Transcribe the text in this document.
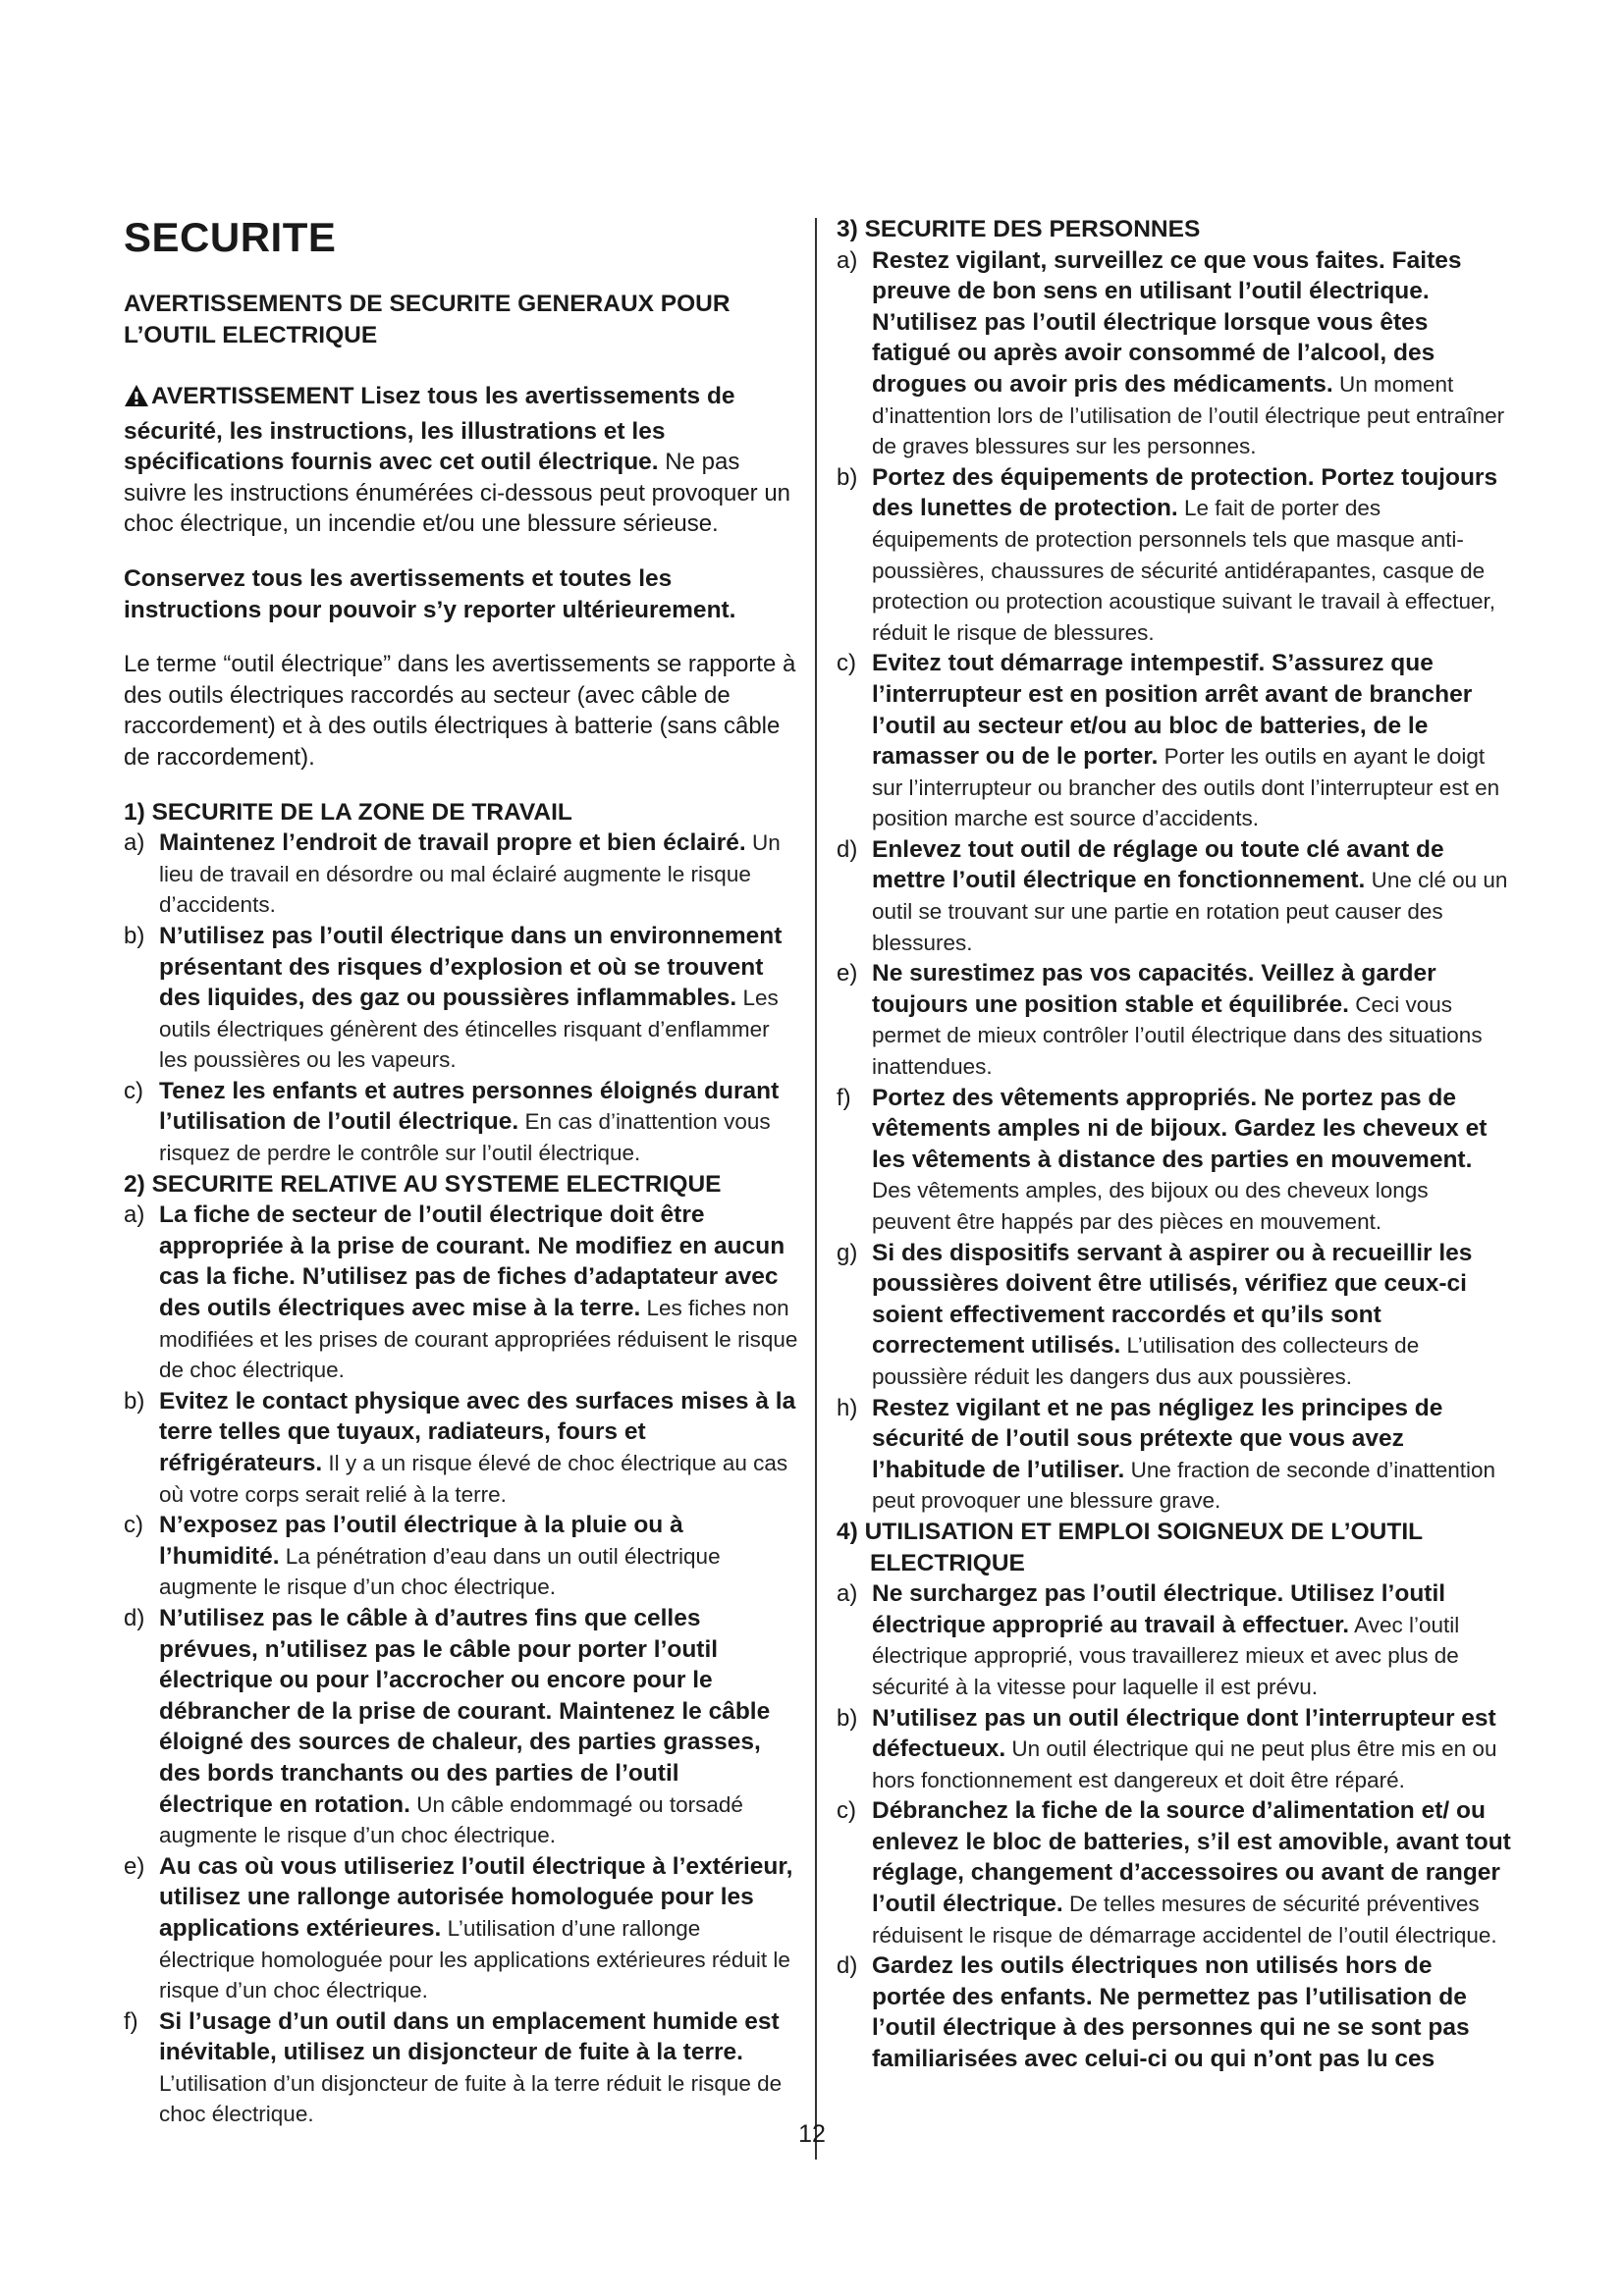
SECURITE
AVERTISSEMENTS DE SECURITE GENERAUX POUR L’OUTIL ELECTRIQUE
AVERTISSEMENT Lisez tous les avertissements de sécurité, les instructions, les illustrations et les spécifications fournis avec cet outil électrique. Ne pas suivre les instructions énumérées ci-dessous peut provoquer un choc électrique, un incendie et/ou une blessure sérieuse.
Conservez tous les avertissements et toutes les instructions pour pouvoir s’y reporter ultérieurement.
Le terme “outil électrique” dans les avertissements se rapporte à des outils électriques raccordés au secteur (avec câble de raccordement) et à des outils électriques à batterie (sans câble de raccordement).
1) SECURITE DE LA ZONE DE TRAVAIL
a) Maintenez l’endroit de travail propre et bien éclairé. Un lieu de travail en désordre ou mal éclairé augmente le risque d’accidents.
b) N’utilisez pas l’outil électrique dans un environnement présentant des risques d’explosion et où se trouvent des liquides, des gaz ou poussières inflammables. Les outils électriques génèrent des étincelles risquant d’enflammer les poussières ou les vapeurs.
c) Tenez les enfants et autres personnes éloignés durant l’utilisation de l’outil électrique. En cas d’inattention vous risquez de perdre le contrôle sur l’outil électrique.
2) SECURITE RELATIVE AU SYSTEME ELECTRIQUE
a) La fiche de secteur de l’outil électrique doit être appropriée à la prise de courant. Ne modifiez en aucun cas la fiche. N’utilisez pas de fiches d’adaptateur avec des outils électriques avec mise à la terre. Les fiches non modifiées et les prises de courant appropriées réduisent le risque de choc électrique.
b) Evitez le contact physique avec des surfaces mises à la terre telles que tuyaux, radiateurs, fours et réfrigérateurs. Il y a un risque élevé de choc électrique au cas où votre corps serait relié à la terre.
c) N’exposez pas l’outil électrique à la pluie ou à l’humidité. La pénétration d’eau dans un outil électrique augmente le risque d’un choc électrique.
d) N’utilisez pas le câble à d’autres fins que celles prévues, n’utilisez pas le câble pour porter l’outil électrique ou pour l’accrocher ou encore pour le débrancher de la prise de courant. Maintenez le câble éloigné des sources de chaleur, des parties grasses, des bords tranchants ou des parties de l’outil électrique en rotation. Un câble endommagé ou torsadé augmente le risque d’un choc électrique.
e) Au cas où vous utiliseriez l’outil électrique à l’extérieur, utilisez une rallonge autorisée homologuée pour les applications extérieures. L’utilisation d’une rallonge électrique homologuée pour les applications extérieures réduit le risque d’un choc électrique.
f) Si l’usage d’un outil dans un emplacement humide est inévitable, utilisez un disjoncteur de fuite à la terre. L’utilisation d’un disjoncteur de fuite à la terre réduit le risque de choc électrique.
3) SECURITE DES PERSONNES
a) Restez vigilant, surveillez ce que vous faites. Faites preuve de bon sens en utilisant l’outil électrique. N’utilisez pas l’outil électrique lorsque vous êtes fatigué ou après avoir consommé de l’alcool, des drogues ou avoir pris des médicaments. Un moment d’inattention lors de l’utilisation de l’outil électrique peut entraîner de graves blessures sur les personnes.
b) Portez des équipements de protection. Portez toujours des lunettes de protection. Le fait de porter des équipements de protection personnels tels que masque anti-poussières, chaussures de sécurité antidérapantes, casque de protection ou protection acoustique suivant le travail à effectuer, réduit le risque de blessures.
c) Evitez tout démarrage intempestif. S’assurez que l’interrupteur est en position arrêt avant de brancher l’outil au secteur et/ou au bloc de batteries, de le ramasser ou de le porter. Porter les outils en ayant le doigt sur l’interrupteur ou brancher des outils dont l’interrupteur est en position marche est source d’accidents.
d) Enlevez tout outil de réglage ou toute clé avant de mettre l’outil électrique en fonctionnement. Une clé ou un outil se trouvant sur une partie en rotation peut causer des blessures.
e) Ne surestimez pas vos capacités. Veillez à garder toujours une position stable et équilibrée. Ceci vous permet de mieux contrôler l’outil électrique dans des situations inattendues.
f) Portez des vêtements appropriés. Ne portez pas de vêtements amples ni de bijoux. Gardez les cheveux et les vêtements à distance des parties en mouvement. Des vêtements amples, des bijoux ou des cheveux longs peuvent être happés par des pièces en mouvement.
g) Si des dispositifs servant à aspirer ou à recueillir les poussières doivent être utilisés, vérifiez que ceux-ci soient effectivement raccordés et qu’ils sont correctement utilisés. L’utilisation des collecteurs de poussière réduit les dangers dus aux poussières.
h) Restez vigilant et ne pas négligez les principes de sécurité de l’outil sous prétexte que vous avez l’habitude de l’utiliser. Une fraction de seconde d’inattention peut provoquer une blessure grave.
4) UTILISATION ET EMPLOI SOIGNEUX DE L’OUTIL ELECTRIQUE
a) Ne surchargez pas l’outil électrique. Utilisez l’outil électrique approprié au travail à effectuer. Avec l’outil électrique approprié, vous travaillerez mieux et avec plus de sécurité à la vitesse pour laquelle il est prévu.
b) N’utilisez pas un outil électrique dont l’interrupteur est défectueux. Un outil électrique qui ne peut plus être mis en ou hors fonctionnement est dangereux et doit être réparé.
c) Débranchez la fiche de la source d’alimentation et/ ou enlevez le bloc de batteries, s’il est amovible, avant tout réglage, changement d’accessoires ou avant de ranger l’outil électrique. De telles mesures de sécurité préventives réduisent le risque de démarrage accidentel de l’outil électrique.
d) Gardez les outils électriques non utilisés hors de portée des enfants. Ne permettez pas l’utilisation de l’outil électrique à des personnes qui ne se sont pas familiarisées avec celui-ci ou qui n’ont pas lu ces
12
